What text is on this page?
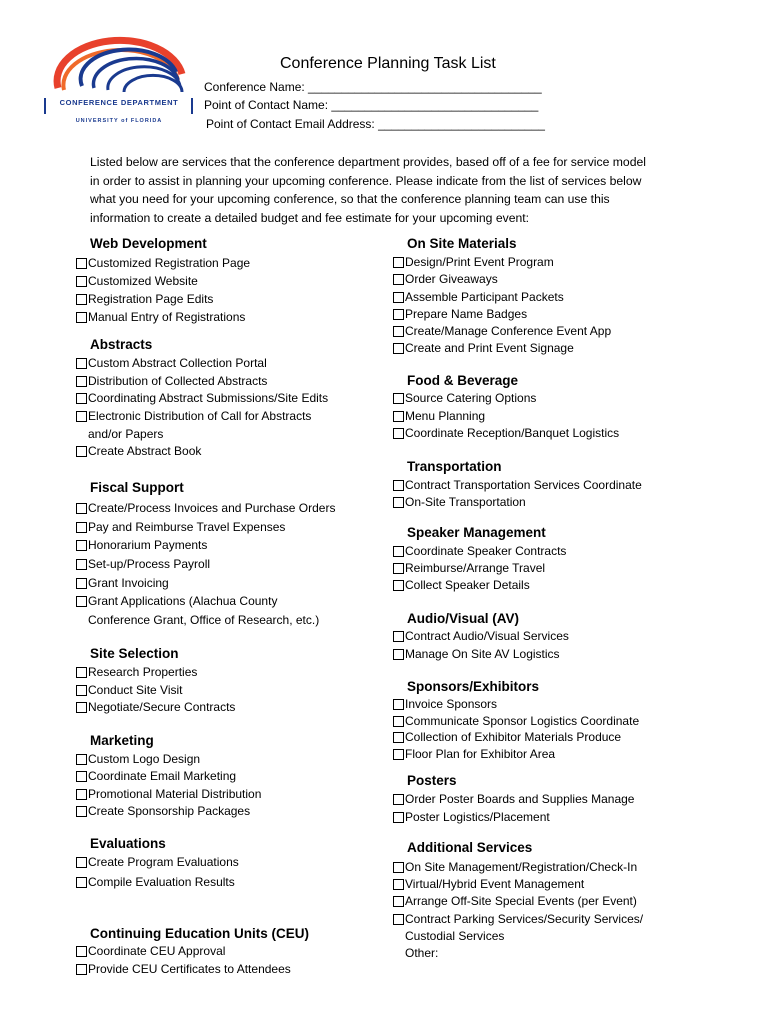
CONFERENCE DEPARTMENT
UNIVERSITY of FLORIDA
Conference Planning Task List
Conference Name: ___________________________________
Point of Contact Name: _______________________________
Point of Contact Email Address: _________________________
Listed below are services that the conference department provides, based off of a fee for service model in order to assist in planning your upcoming conference. Please indicate from the list of services below what you need for your upcoming conference, so that the conference planning team can use this information to create a detailed budget and fee estimate for your upcoming event:
Web Development
Customized Registration Page
Customized Website
Registration Page Edits
Manual Entry of Registrations
Abstracts
Custom Abstract Collection Portal
Distribution of Collected Abstracts
Coordinating Abstract Submissions/Site Edits
Electronic Distribution of Call for Abstracts
and/or Papers
Create Abstract Book
Fiscal Support
Create/Process Invoices and Purchase Orders
Pay and Reimburse Travel Expenses
Honorarium Payments
Set-up/Process Payroll
Grant Invoicing
Grant Applications (Alachua County
Conference Grant, Office of Research, etc.)
Site Selection
Research Properties
Conduct Site Visit
Negotiate/Secure Contracts
Marketing
Custom Logo Design
Coordinate Email Marketing
Promotional Material Distribution
Create Sponsorship Packages
Evaluations
Create Program Evaluations
Compile Evaluation Results
Continuing Education Units (CEU)
Coordinate CEU Approval
Provide CEU Certificates to Attendees
On Site Materials
Design/Print Event Program
Order Giveaways
Assemble Participant Packets
Prepare Name Badges
Create/Manage Conference Event App
Create and Print Event Signage
Food & Beverage
Source Catering Options
Menu Planning
Coordinate Reception/Banquet Logistics
Transportation
Contract Transportation Services Coordinate
On-Site Transportation
Speaker Management
Coordinate Speaker Contracts
Reimburse/Arrange Travel
Collect Speaker Details
Audio/Visual (AV)
Contract Audio/Visual Services
Manage On Site AV Logistics
Sponsors/Exhibitors
Invoice Sponsors
Communicate Sponsor Logistics Coordinate
Collection of Exhibitor Materials Produce
Floor Plan for Exhibitor Area
Posters
Order Poster Boards and Supplies Manage
Poster Logistics/Placement
Additional Services
On Site Management/Registration/Check-In
Virtual/Hybrid Event Management
Arrange Off-Site Special Events (per Event)
Contract Parking Services/Security Services/
Custodial Services
Other:
